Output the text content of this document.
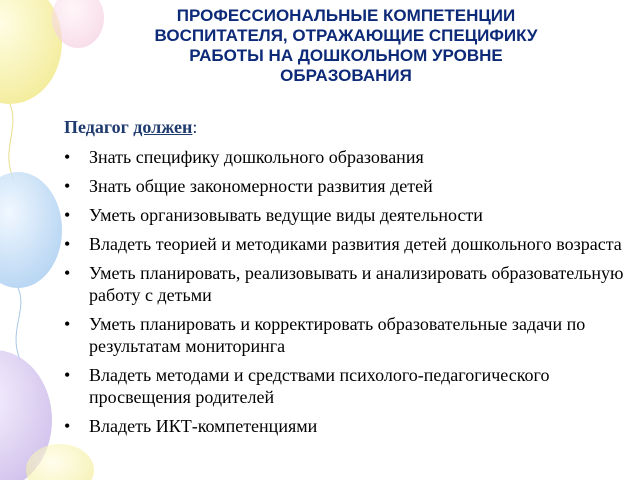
ПРОФЕССИОНАЛЬНЫЕ КОМПЕТЕНЦИИ
ВОСПИТАТЕЛЯ, ОТРАЖАЮЩИЕ СПЕЦИФИКУ
РАБОТЫ НА ДОШКОЛЬНОМ УРОВНЕ
ОБРАЗОВАНИЯ

Педагог должен:

•	Знать специфику дошкольного образования
•	Знать общие закономерности развития детей
•	Уметь организовывать ведущие виды деятельности
•	Владеть теорией и методиками развития детей дошкольного возраста
•	Уметь планировать, реализовывать и анализировать образовательную работу с детьми
•	Уметь планировать и корректировать образовательные задачи по результатам мониторинга
•	Владеть методами и средствами психолого-педагогического просвещения родителей
•	Владеть ИКТ-компетенциями
